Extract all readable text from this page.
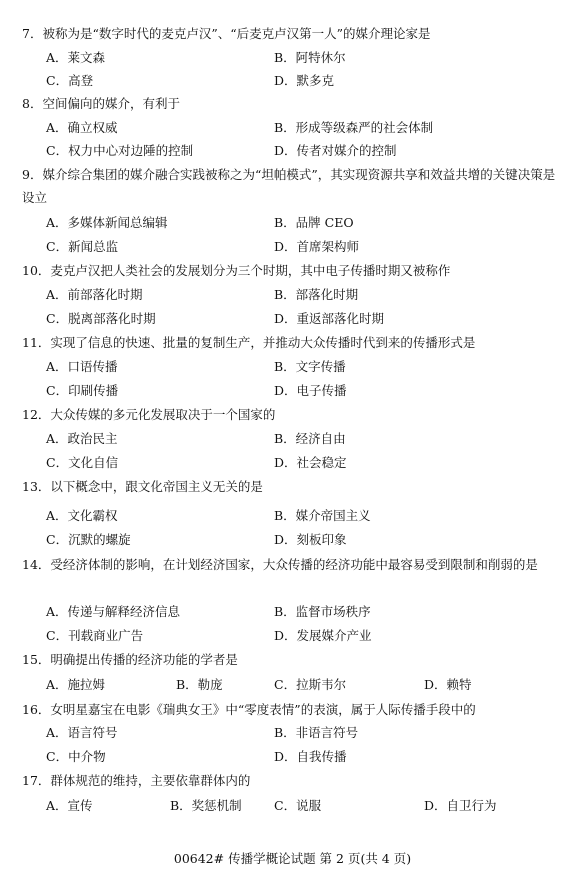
7．被称为是“数字时代的麦克卢汉”、“后麦克卢汉第一人”的媒介理论家是
A．莱文森	B．阿特休尔
C．高登	D．默多克
8．空间偏向的媒介，有利于
A．确立权威	B．形成等级森严的社会体制
C．权力中心对边陲的控制	D．传者对媒介的控制
9．媒介综合集团的媒介融合实践被称之为“坦帕模式”，其实现资源共享和效益共增的关键决策是设立
A．多媒体新闻总编辑	B．品牌 CEO
C．新闻总监	D．首席架构师
10．麦克卢汉把人类社会的发展划分为三个时期，其中电子传播时期又被称作
A．前部落化时期	B．部落化时期
C．脱离部落化时期	D．重返部落化时期
11．实现了信息的快速、批量的复制生产，并推动大众传播时代到来的传播形式是
A．口语传播	B．文字传播
C．印刷传播	D．电子传播
12．大众传媒的多元化发展取决于一个国家的
A．政治民主	B．经济自由
C．文化自信	D．社会稳定
13．以下概念中，跟文化帝国主义无关的是
A．文化霸权	B．媒介帝国主义
C．沉默的螺旋	D．刻板印象
14．受经济体制的影响，在计划经济国家，大众传播的经济功能中最容易受到限制和削弱的是
A．传递与解释经济信息	B．监督市场秩序
C．刊载商业广告	D．发展媒介产业
15．明确提出传播的经济功能的学者是
A．施拉姆	B．勒庞	C．拉斯韦尔	D．赖特
16．女明星嘉宝在电影《瑞典女王》中“零度表情”的表演，属于人际传播手段中的
A．语言符号	B．非语言符号
C．中介物	D．自我传播
17．群体规范的维持，主要依靠群体内的
A．宣传	B．奖惩机制	C．说服	D．自卫行为
00642# 传播学概论试题 第 2 页(共 4 页)
